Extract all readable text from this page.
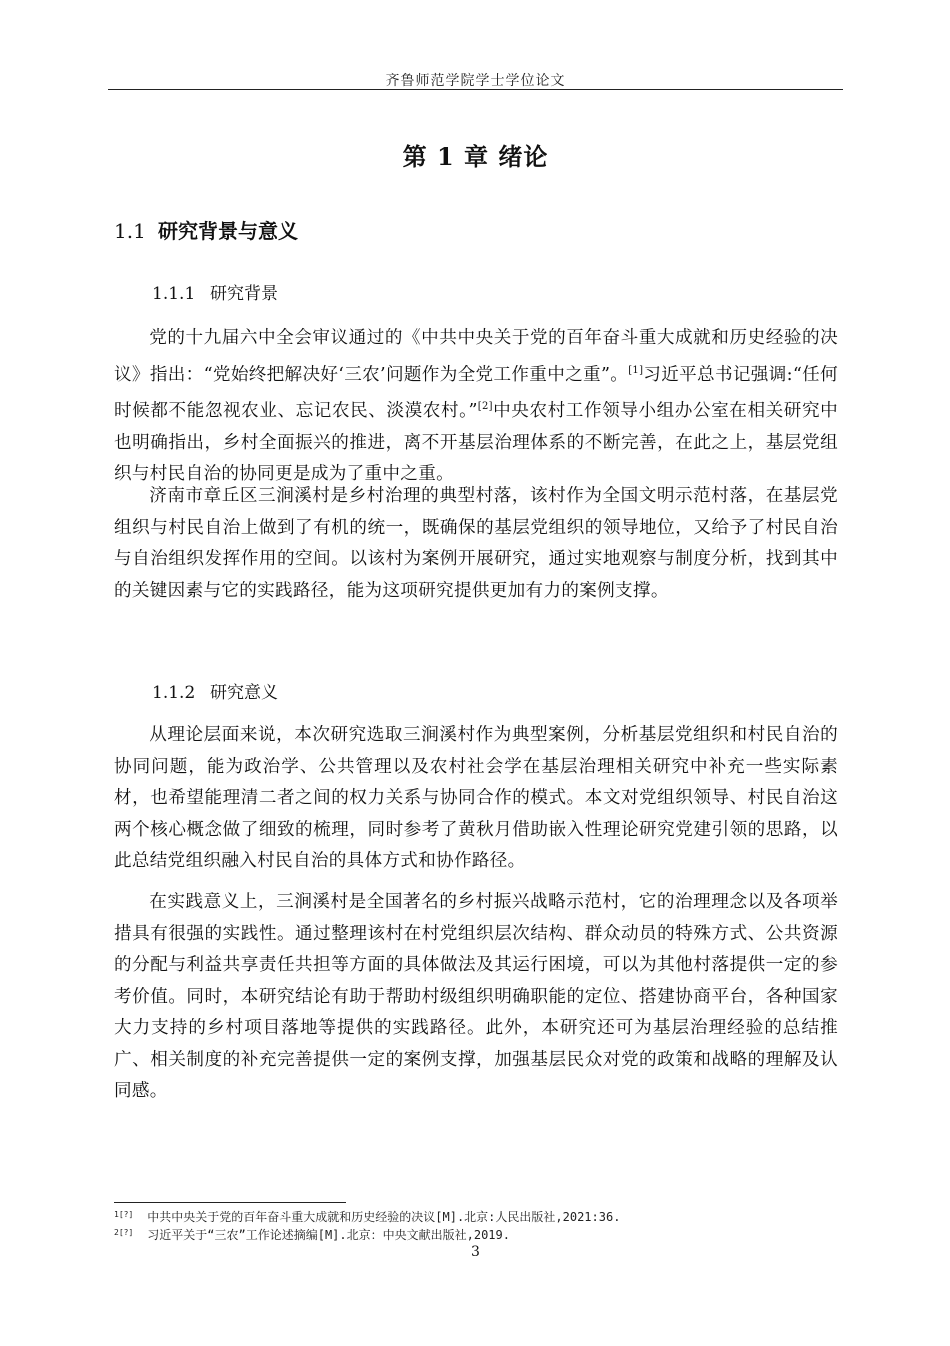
齐鲁师范学院学士学位论文
第 1 章 绪论
1.1 研究背景与意义
1.1.1 研究背景
党的十九届六中全会审议通过的《中共中央关于党的百年奋斗重大成就和历史经验的决议》指出：“党始终把解决好‘三农’问题作为全党工作重中之重”。[1]习近平总书记强调:“任何时候都不能忽视农业、忘记农民、淡漠农村。”[2]中央农村工作领导小组办公室在相关研究中也明确指出，乡村全面振兴的推进，离不开基层治理体系的不断完善，在此之上，基层党组织与村民自治的协同更是成为了重中之重。
济南市章丘区三涧溪村是乡村治理的典型村落，该村作为全国文明示范村落，在基层党组织与村民自治上做到了有机的统一，既确保的基层党组织的领导地位，又给予了村民自治与自治组织发挥作用的空间。以该村为案例开展研究，通过实地观察与制度分析，找到其中的关键因素与它的实践路径，能为这项研究提供更加有力的案例支撑。
1.1.2 研究意义
从理论层面来说，本次研究选取三涧溪村作为典型案例，分析基层党组织和村民自治的协同问题，能为政治学、公共管理以及农村社会学在基层治理相关研究中补充一些实际素材，也希望能理清二者之间的权力关系与协同合作的模式。本文对党组织领导、村民自治这两个核心概念做了细致的梳理，同时参考了黄秋月借助嵌入性理论研究党建引领的思路，以此总结党组织融入村民自治的具体方式和协作路径。
在实践意义上，三涧溪村是全国著名的乡村振兴战略示范村，它的治理理念以及各项举措具有很强的实践性。通过整理该村在村党组织层次结构、群众动员的特殊方式、公共资源的分配与利益共享责任共担等方面的具体做法及其运行困境，可以为其他村落提供一定的参考价值。同时，本研究结论有助于帮助村级组织明确职能的定位、搭建协商平台，各种国家大力支持的乡村项目落地等提供的实践路径。此外，本研究还可为基层治理经验的总结推广、相关制度的补充完善提供一定的案例支撑，加强基层民众对党的政策和战略的理解及认同感。
$^{1[?]}$ 中共中央关于党的百年奋斗重大成就和历史经验的决议[M].北京:人民出版社,2021:36.
$^{2[?]}$ 习近平关于“三农”工作论述摘编[M].北京：中央文献出版社,2019.
3
